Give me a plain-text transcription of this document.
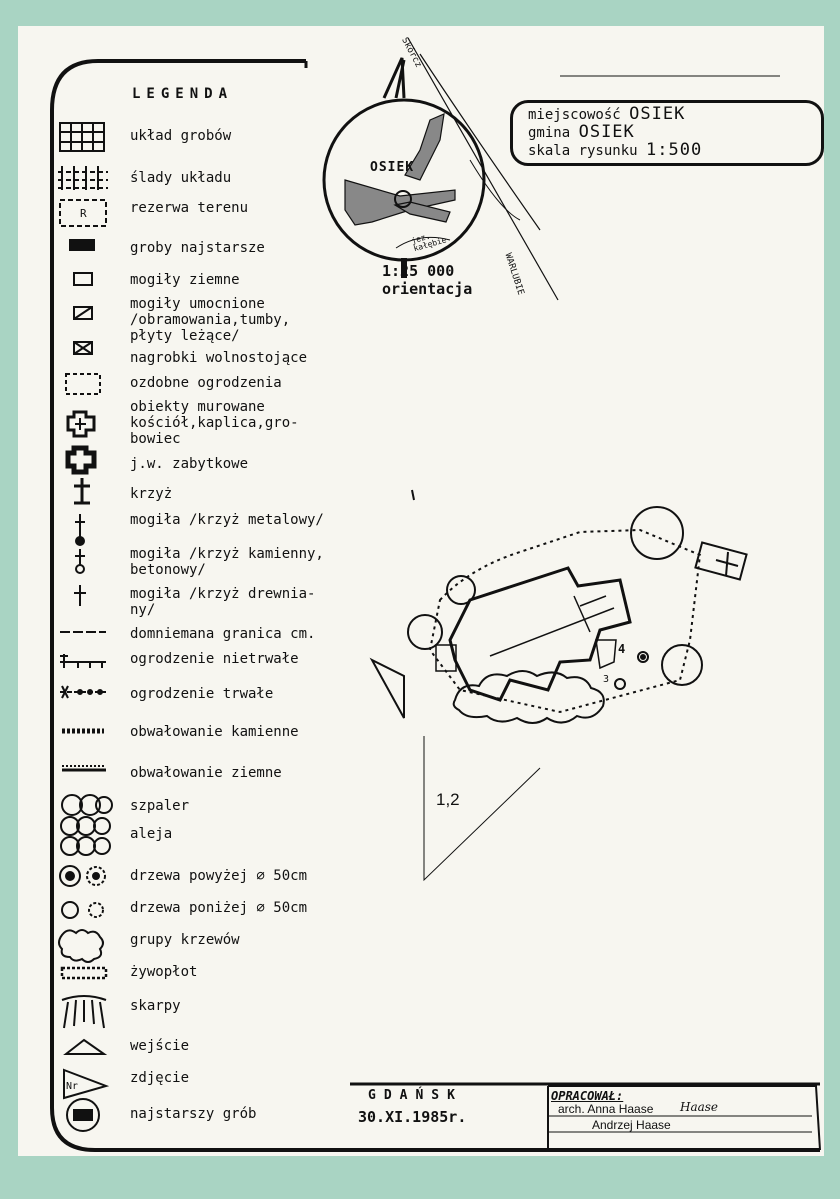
R
Nr
LEGENDA
układ grobów
ślady układu
rezerwa terenu
groby najstarsze
mogiły ziemne
mogiły umocnione
/obramowania,tumby,
płyty leżące/
nagrobki wolnostojące
ozdobne ogrodzenia
obiekty murowane
kościół,kaplica,gro-
bowiec
j.w. zabytkowe
krzyż
mogiła /krzyż metalowy/
mogiła /krzyż kamienny,
betonowy/
mogiła /krzyż drewnia-
ny/
domniemana granica cm.
ogrodzenie nietrwałe
ogrodzenie trwałe
obwałowanie kamienne
obwałowanie ziemne
szpaler
aleja
drzewa powyżej ∅ 50cm
drzewa poniżej ∅ 50cm
grupy krzewów
żywopłot
skarpy
wejście
zdjęcie
najstarszy grób
miejscowość OSIEK
gmina OSIEK
skala rysunku 1:500
OSIEK
Skórcz
WARLUBIE
jez. kałębie
1:25 000
orientacja
1,2
4
3
GDAŃSK
30.XI.1985r.
OPRACOWAŁ:
arch. Anna Haase Haase
Andrzej Haase
